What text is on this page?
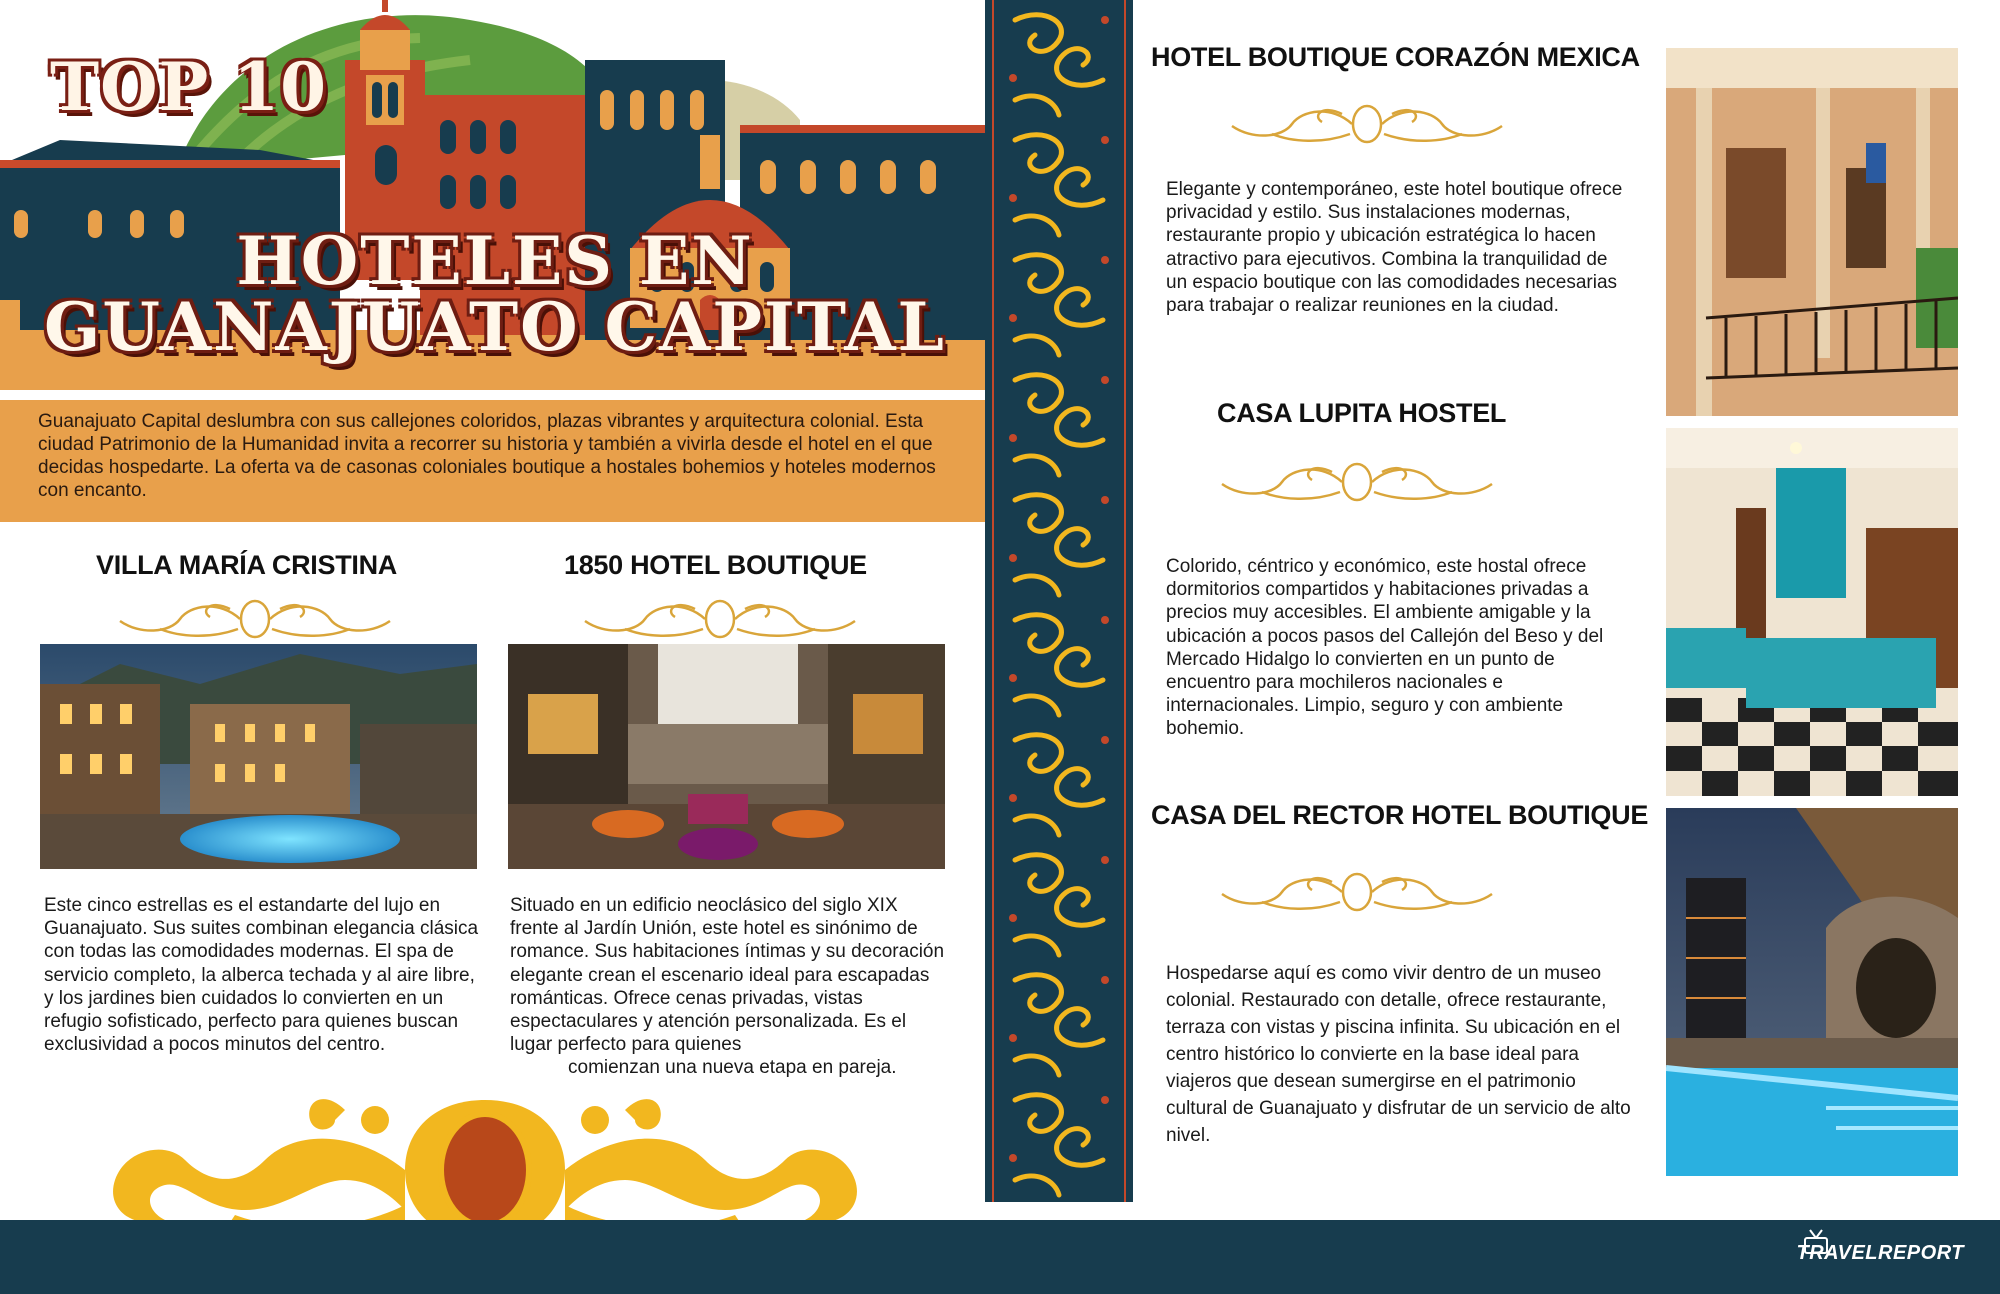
TOP 10
HOTELES EN
GUANAJUATO CAPITAL

Guanajuato Capital deslumbra con sus callejones coloridos, plazas vibrantes y arquitectura colonial. Esta ciudad Patrimonio de la Humanidad invita a recorrer su historia y también a vivirla desde el hotel en el que decidas hospedarte. La oferta va de casonas coloniales boutique a hostales bohemios y hoteles modernos con encanto.

VILLA MARÍA CRISTINA
Este cinco estrellas es el estandarte del lujo en Guanajuato. Sus suites combinan elegancia clásica con todas las comodidades modernas. El spa de servicio completo, la alberca techada y al aire libre, y los jardines bien cuidados lo convierten en un refugio sofisticado, perfecto para quienes buscan exclusividad a pocos minutos del centro.
1850 HOTEL BOUTIQUE
Situado en un edificio neoclásico del siglo XIX frente al Jardín Unión, este hotel es sinónimo de romance. Sus habitaciones íntimas y su decoración elegante crean el escenario ideal para escapadas románticas. Ofrece cenas privadas, vistas espectaculares y atención personalizada. Es el lugar perfecto para quienes
comienzan una nueva etapa en pareja.
HOTEL BOUTIQUE CORAZÓN MEXICA
Elegante y contemporáneo, este hotel boutique ofrece privacidad y estilo. Sus instalaciones modernas, restaurante propio y ubicación estratégica lo hacen atractivo para ejecutivos. Combina la tranquilidad de un espacio boutique con las comodidades necesarias para trabajar o realizar reuniones en la ciudad.
CASA LUPITA HOSTEL
Colorido, céntrico y económico, este hostal ofrece dormitorios compartidos y habitaciones privadas a precios muy accesibles. El ambiente amigable y la ubicación a pocos pasos del Callejón del Beso y del Mercado Hidalgo lo convierten en un punto de encuentro para mochileros nacionales e internacionales. Limpio, seguro y con ambiente bohemio.
CASA DEL RECTOR HOTEL BOUTIQUE
Hospedarse aquí es como vivir dentro de un museo colonial. Restaurado con detalle, ofrece restaurante, terraza con vistas y piscina infinita. Su ubicación en el centro histórico lo convierte en la base ideal para viajeros que desean sumergirse en el patrimonio cultural de Guanajuato y disfrutar de un servicio de alto nivel.
TRAVELREPORT
